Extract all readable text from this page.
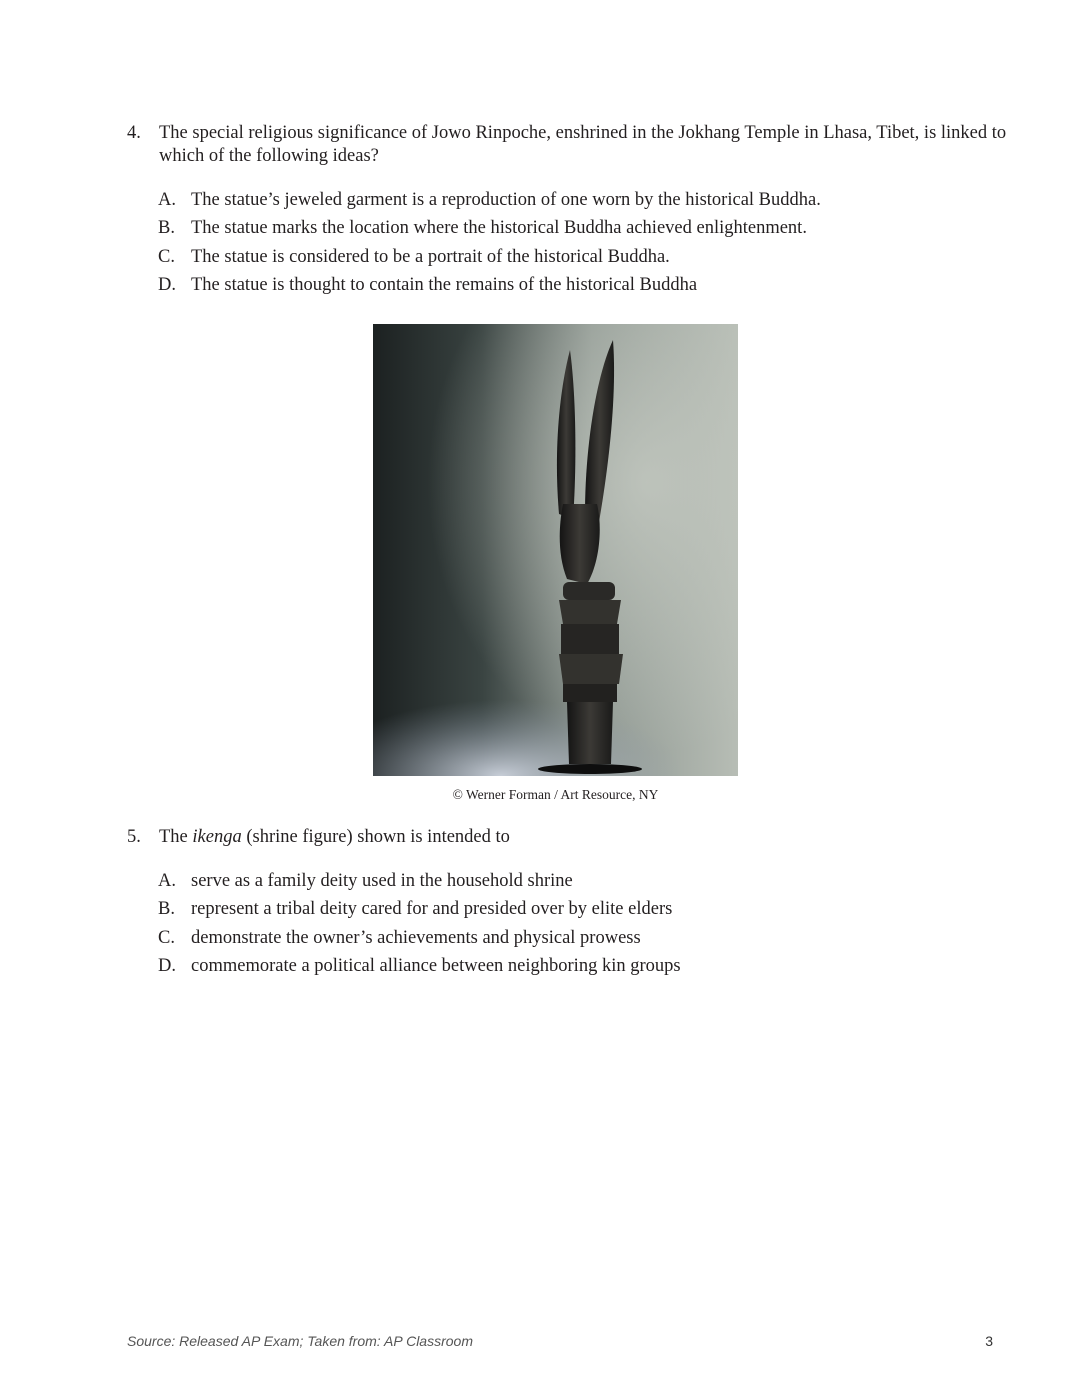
4. The special religious significance of Jowo Rinpoche, enshrined in the Jokhang Temple in Lhasa, Tibet, is linked to which of the following ideas?
A. The statue’s jeweled garment is a reproduction of one worn by the historical Buddha.
B. The statue marks the location where the historical Buddha achieved enlightenment.
C. The statue is considered to be a portrait of the historical Buddha.
D. The statue is thought to contain the remains of the historical Buddha
© Werner Forman / Art Resource, NY
5. The ikenga (shrine figure) shown is intended to
A. serve as a family deity used in the household shrine
B. represent a tribal deity cared for and presided over by elite elders
C. demonstrate the owner’s achievements and physical prowess
D. commemorate a political alliance between neighboring kin groups
Source: Released AP Exam; Taken from: AP Classroom	3
